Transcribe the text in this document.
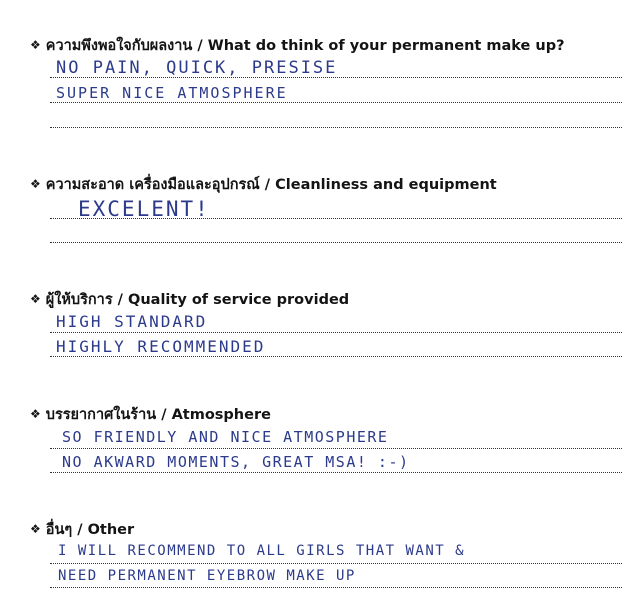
❖ ความพึงพอใจกับผลงาน / What do think of your permanent make up?
NO PAIN, QUICK, PRESISE
SUPER NICE ATMOSPHERE
❖ ความสะอาด เครื่องมือและอุปกรณ์ / Cleanliness and equipment
EXCELENT!
❖ ผู้ให้บริการ / Quality of service provided
HIGH STANDARD
HIGHLY RECOMMENDED
❖ บรรยากาศในร้าน / Atmosphere
SO FRIENDLY AND NICE ATMOSPHERE
NO AKWARD MOMENTS, GREAT MSA! :-)
❖ อื่นๆ / Other
I WILL RECOMMEND TO ALL GIRLS THAT WANT &
NEED PERMANENT EYEBROW MAKE UP
